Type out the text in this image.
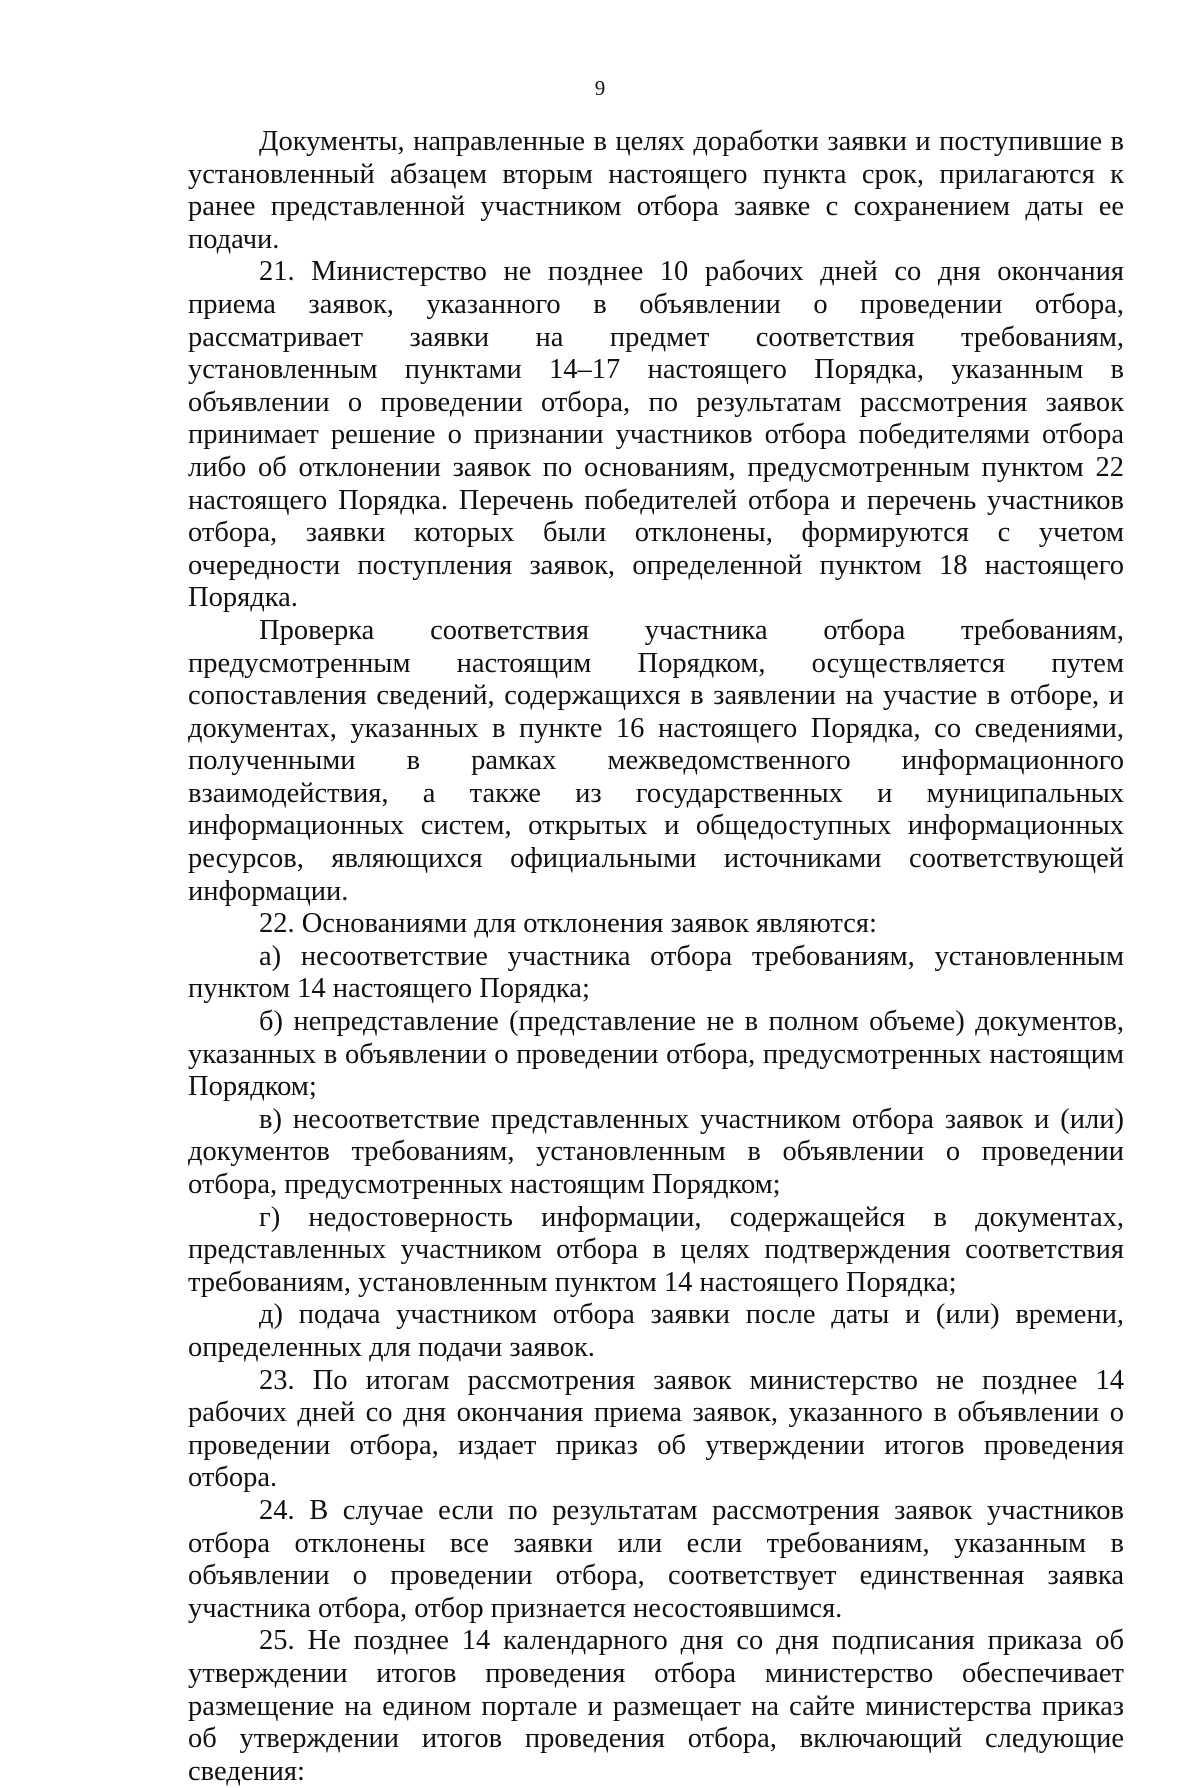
9

Документы, направленные в целях доработки заявки и поступившие в установленный абзацем вторым настоящего пункта срок, прилагаются к ранее представленной участником отбора заявке с сохранением даты ее подачи.

21. Министерство не позднее 10 рабочих дней со дня окончания приема заявок, указанного в объявлении о проведении отбора, рассматривает заявки на предмет соответствия требованиям, установленным пунктами 14–17 настоящего Порядка, указанным в объявлении о проведении отбора, по результатам рассмотрения заявок принимает решение о признании участников отбора победителями отбора либо об отклонении заявок по основаниям, предусмотренным пунктом 22 настоящего Порядка. Перечень победителей отбора и перечень участников отбора, заявки которых были отклонены, формируются с учетом очередности поступления заявок, определенной пунктом 18 настоящего Порядка.

Проверка соответствия участника отбора требованиям, предусмотренным настоящим Порядком, осуществляется путем сопоставления сведений, содержащихся в заявлении на участие в отборе, и документах, указанных в пункте 16 настоящего Порядка, со сведениями, полученными в рамках межведомственного информационного взаимодействия, а также из государственных и муниципальных информационных систем, открытых и общедоступных информационных ресурсов, являющихся официальными источниками соответствующей информации.

22. Основаниями для отклонения заявок являются:

а) несоответствие участника отбора требованиям, установленным пунктом 14 настоящего Порядка;

б) непредставление (представление не в полном объеме) документов, указанных в объявлении о проведении отбора, предусмотренных настоящим Порядком;

в) несоответствие представленных участником отбора заявок и (или) документов требованиям, установленным в объявлении о проведении отбора, предусмотренных настоящим Порядком;

г) недостоверность информации, содержащейся в документах, представленных участником отбора в целях подтверждения соответствия требованиям, установленным пунктом 14 настоящего Порядка;

д) подача участником отбора заявки после даты и (или) времени, определенных для подачи заявок.

23. По итогам рассмотрения заявок министерство не позднее 14 рабочих дней со дня окончания приема заявок, указанного в объявлении о проведении отбора, издает приказ об утверждении итогов проведения отбора.

24. В случае если по результатам рассмотрения заявок участников отбора отклонены все заявки или если требованиям, указанным в объявлении о проведении отбора, соответствует единственная заявка участника отбора, отбор признается несостоявшимся.

25. Не позднее 14 календарного дня со дня подписания приказа об утверждении итогов проведения отбора министерство обеспечивает размещение на едином портале и размещает на сайте министерства приказ об утверждении итогов проведения отбора, включающий следующие сведения:
